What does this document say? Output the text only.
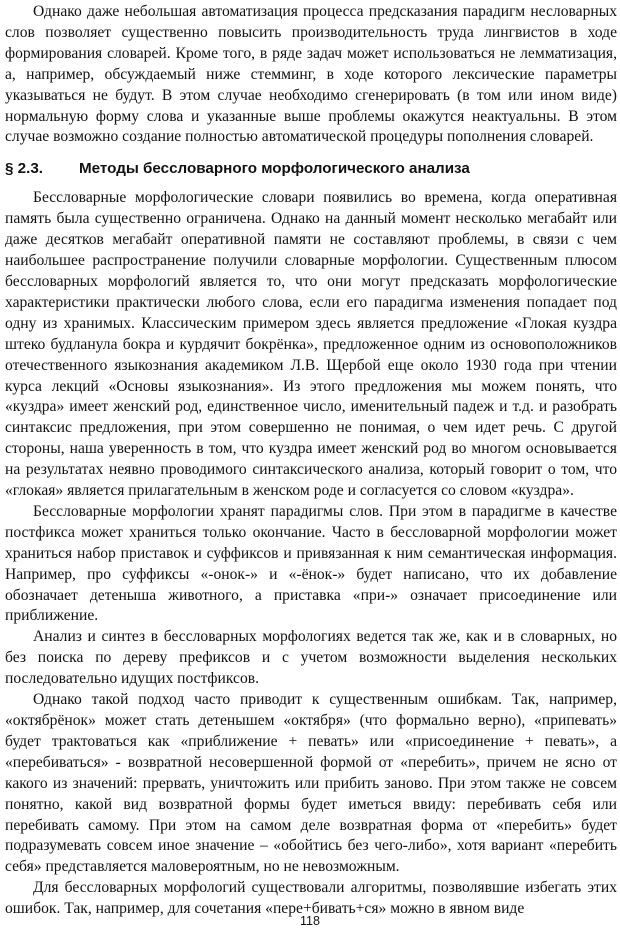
Однако даже небольшая автоматизация процесса предсказания парадигм несловарных слов позволяет существенно повысить производительность труда лингвистов в ходе формирования словарей. Кроме того, в ряде задач может использоваться не лемматизация, а, например, обсуждаемый ниже стемминг, в ходе которого лексические параметры указываться не будут. В этом случае необходимо сгенерировать (в том или ином виде) нормальную форму слова и указанные выше проблемы окажутся неактуальны. В этом случае возможно создание полностью автоматической процедуры пополнения словарей.

§ 2.3.	Методы бессловарного морфологического анализа

Бессловарные морфологические словари появились во времена, когда оперативная память была существенно ограничена. Однако на данный момент несколько мегабайт или даже десятков мегабайт оперативной памяти не составляют проблемы, в связи с чем наибольшее распространение получили словарные морфологии. Существенным плюсом бессловарных морфологий является то, что они могут предсказать морфологические характеристики практически любого слова, если его парадигма изменения попадает под одну из хранимых. Классическим примером здесь является предложение «Глокая куздра штеко будланула бокра и курдячит бокрёнка», предложенное одним из основоположников отечественного языкознания академиком Л.В. Щербой еще около 1930 года при чтении курса лекций «Основы языкознания». Из этого предложения мы можем понять, что «куздра» имеет женский род, единственное число, именительный падеж и т.д. и разобрать синтаксис предложения, при этом совершенно не понимая, о чем идет речь. С другой стороны, наша уверенность в том, что куздра имеет женский род во многом основывается на результатах неявно проводимого синтаксического анализа, который говорит о том, что «глокая» является прилагательным в женском роде и согласуется со словом «куздра».

Бессловарные морфологии хранят парадигмы слов. При этом в парадигме в качестве постфикса может храниться только окончание. Часто в бессловарной морфологии может храниться набор приставок и суффиксов и привязанная к ним семантическая информация. Например, про суффиксы «-онок-» и «-ёнок-» будет написано, что их добавление обозначает детеныша животного, а приставка «при-» означает присоединение или приближение.

Анализ и синтез в бессловарных морфологиях ведется так же, как и в словарных, но без поиска по дереву префиксов и с учетом возможности выделения нескольких последовательно идущих постфиксов.

Однако такой подход часто приводит к существенным ошибкам. Так, например, «октябрёнок» может стать детенышем «октября» (что формально верно), «припевать» будет трактоваться как «приближение + певать» или «присоединение + певать», а «перебиваться» - возвратной несовершенной формой от «перебить», причем не ясно от какого из значений: прервать, уничтожить или прибить заново. При этом также не совсем понятно, какой вид возвратной формы будет иметься ввиду: перебивать себя или перебивать самому. При этом на самом деле возвратная форма от «перебить» будет подразумевать совсем иное значение – «обойтись без чего-либо», хотя вариант «перебить себя» представляется маловероятным, но не невозможным.

Для бессловарных морфологий существовали алгоритмы, позволявшие избегать этих ошибок. Так, например, для сочетания «пере+бивать+ся» можно в явном виде

118
